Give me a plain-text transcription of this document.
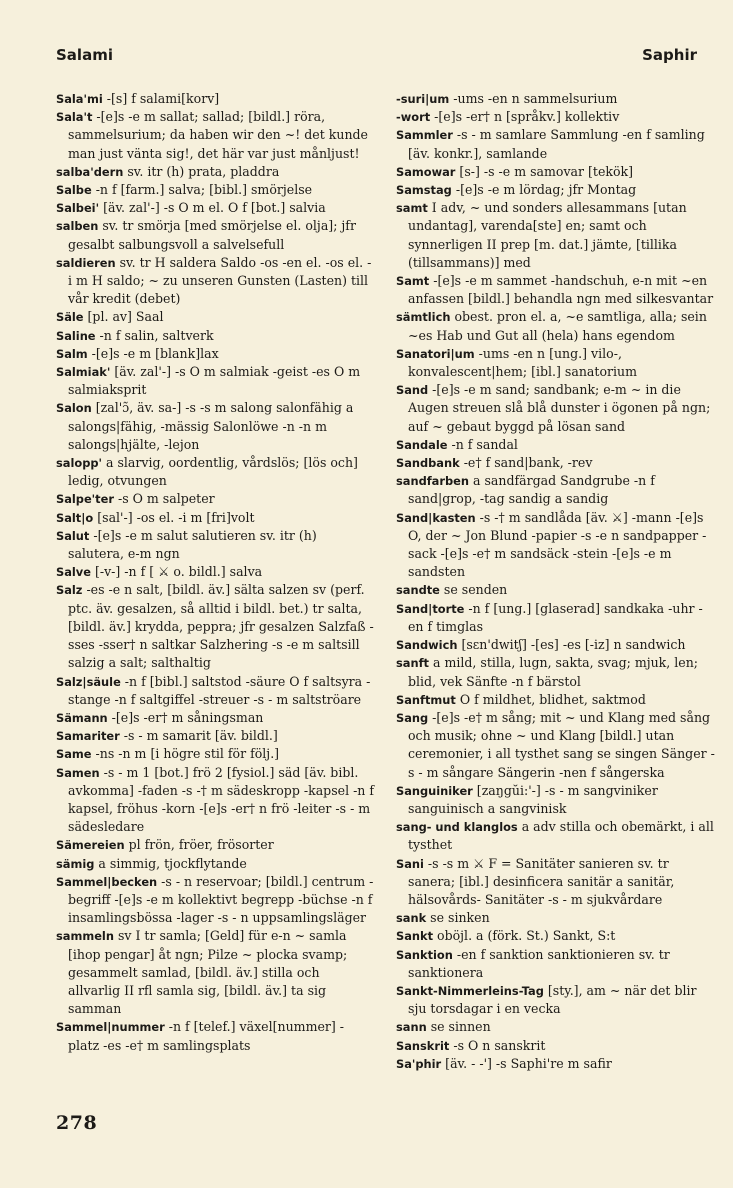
Salami	Saphir

Sala'mi -[s] f salami[korv]

Sala't -[e]s -e m sallat; sallad; [bildl.] röra, sammelsurium; da haben wir den ~! det kunde man just vänta sig!, det här var just månljust!

salba'dern sv. itr (h) prata, pladdra

Salbe -n f [farm.] salva; [bibl.] smörjelse

Salbei' [äv. zal'-] -s O m el. O f [bot.] salvia

salben sv. tr smörja [med smörjelse el. olja]; jfr gesalbt salbungsvoll a salvelsefull

saldieren sv. tr H saldera Saldo -os -en el. -os el. -i m H saldo; ~ zu unseren Gunsten (Lasten) till vår kredit (debet)

Säle [pl. av] Saal

Saline -n f salin, saltverk

Salm -[e]s -e m [blank]lax

Salmiak' [äv. zal'-] -s O m salmiak -geist -es O m salmiaksprit

Salon [zal'ɔ̃, äv. sa-] -s -s m salong salonfähig a salongs|fähig, -mässig Salonlöwe -n -n m salongs|hjälte, -lejon

salopp' a slarvig, oordentlig, vårdslös; [lös och] ledig, otvungen

Salpe'ter -s O m salpeter

Salt|o [sal'-] -os el. -i m [fri]volt

Salut -[e]s -e m salut salutieren sv. itr (h) salutera, e-m ngn

Salve [-v-] -n f [ ⚔ o. bildl.] salva

Salz -es -e n salt, [bildl. äv.] sälta salzen sv (perf. ptc. äv. gesalzen, så alltid i bildl. bet.) tr salta, [bildl. äv.] krydda, peppra; jfr gesalzen Salzfaß -sses -sser† n saltkar Salzhering -s -e m saltsill salzig a salt; salthaltig

Salz|säule -n f [bibl.] saltstod -säure O f saltsyra -stange -n f saltgiffel -streuer -s - m saltströare

Sämann -[e]s -er† m såningsman

Samariter -s - m samarit [äv. bildl.]

Same -ns -n m [i högre stil för följ.]

Samen -s - m 1 [bot.] frö 2 [fysiol.] säd [äv. bibl. avkomma] -faden -s -† m sädeskropp -kapsel -n f kapsel, fröhus -korn -[e]s -er† n frö -leiter -s - m sädesledare

Sämereien pl frön, fröer, frösorter

sämig a simmig, tjockflytande

Sammel|becken -s - n reservoar; [bildl.] centrum -begriff -[e]s -e m kollektivt begrepp -büchse -n f insamlingsbössa -lager -s - n uppsamlingsläger

sammeln sv I tr samla; [Geld] für e-n ~ samla [ihop pengar] åt ngn; Pilze ~ plocka svamp; gesammelt samlad, [bildl. äv.] stilla och allvarlig II rfl samla sig, [bildl. äv.] ta sig samman

Sammel|nummer -n f [telef.] växel[nummer] -platz -es -e† m samlingsplats

-suri|um -ums -en n sammelsurium

-wort -[e]s -er† n [språkv.] kollektiv

Sammler -s - m samlare Sammlung -en f samling [äv. konkr.], samlande

Samowar [s-] -s -e m samovar [tekök]

Samstag -[e]s -e m lördag; jfr Montag

samt I adv, ~ und sonders allesammans [utan undantag], varenda[ste] en; samt och synnerligen II prep [m. dat.] jämte, [tillika (tillsammans)] med

Samt -[e]s -e m sammet -handschuh, e-n mit ~en anfassen [bildl.] behandla ngn med silkesvantar

sämtlich obest. pron el. a, ~e samtliga, alla; sein ~es Hab und Gut all (hela) hans egendom

Sanatori|um -ums -en n [ung.] vilo-, konvalescent|hem; [ibl.] sanatorium

Sand -[e]s -e m sand; sandbank; e-m ~ in die Augen streuen slå blå dunster i ögonen på ngn; auf ~ gebaut byggd på lösan sand

Sandale -n f sandal

Sandbank -e† f sand|bank, -rev

sandfarben a sandfärgad Sandgrube -n f sand|grop, -tag sandig a sandig

Sand|kasten -s -† m sandlåda [äv. ⚔] -mann -[e]s O, der ~ Jon Blund -papier -s -e n sandpapper -sack -[e]s -e† m sandsäck -stein -[e]s -e m sandsten

sandte se senden

Sand|torte -n f [ung.] [glaserad] sandkaka -uhr -en f timglas

Sandwich [sɛn'dwitʃ] -[es] -es [-iz] n sandwich

sanft a mild, stilla, lugn, sakta, svag; mjuk, len; blid, vek Sänfte -n f bärstol

Sanftmut O f mildhet, blidhet, saktmod

Sang -[e]s -e† m sång; mit ~ und Klang med sång och musik; ohne ~ und Klang [bildl.] utan ceremonier, i all tysthet sang se singen Sänger -s - m sångare Sängerin -nen f sångerska

Sanguiniker [zaŋgŭi:'-] -s - m sangviniker sanguinisch a sangvinisk

sang- und klanglos a adv stilla och obemärkt, i all tysthet

Sani -s -s m ⚔ F = Sanitäter sanieren sv. tr sanera; [ibl.] desinficera sanitär a sanitär, hälsovårds- Sanitäter -s - m sjukvårdare

sank se sinken

Sankt oböjl. a (förk. St.) Sankt, S:t

Sanktion -en f sanktion sanktionieren sv. tr sanktionera

Sankt-Nimmerleins-Tag [sty.], am ~ när det blir sju torsdagar i en vecka

sann se sinnen

Sanskrit -s O n sanskrit

Sa'phir [äv. - -'] -s Saphi're m safir

278
